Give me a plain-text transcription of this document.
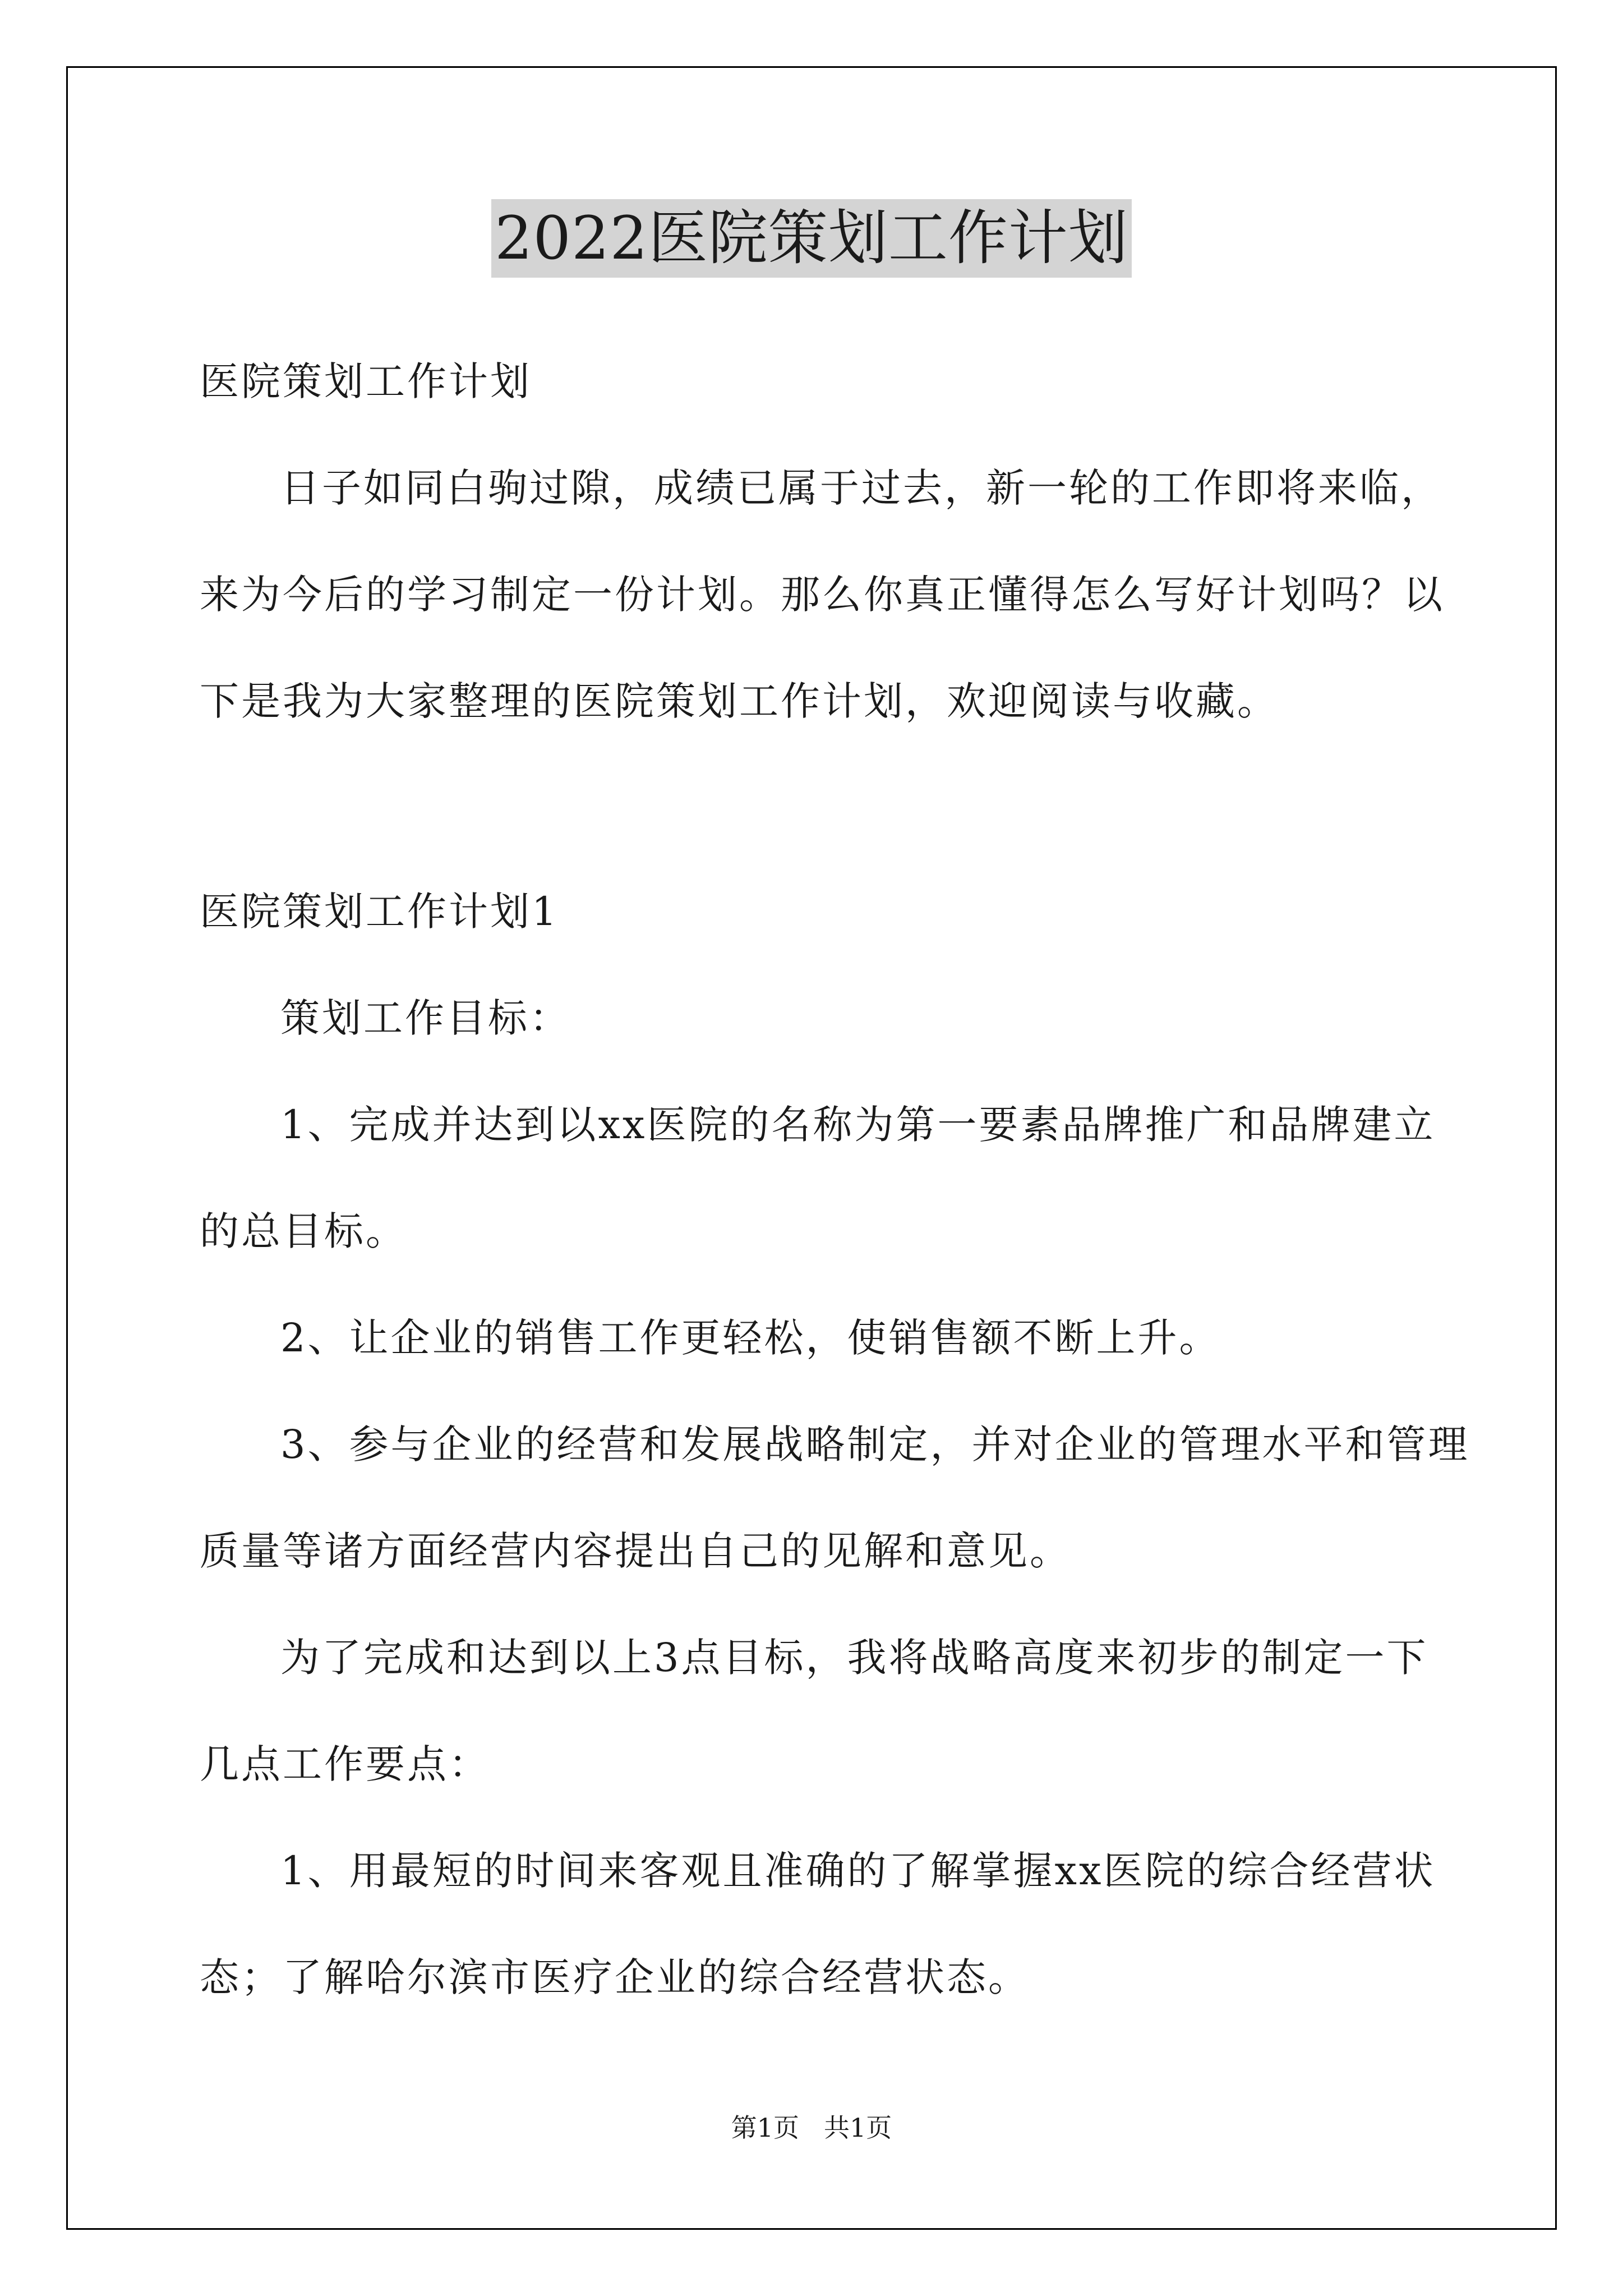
2022医院策划工作计划
医院策划工作计划
日子如同白驹过隙，成绩已属于过去，新一轮的工作即将来临，
来为今后的学习制定一份计划。那么你真正懂得怎么写好计划吗？以
下是我为大家整理的医院策划工作计划，欢迎阅读与收藏。
医院策划工作计划1
策划工作目标：
1、完成并达到以xx医院的名称为第一要素品牌推广和品牌建立
的总目标。
2、让企业的销售工作更轻松，使销售额不断上升。
3、参与企业的经营和发展战略制定，并对企业的管理水平和管理
质量等诸方面经营内容提出自己的见解和意见。
为了完成和达到以上3点目标，我将战略高度来初步的制定一下
几点工作要点：
1、用最短的时间来客观且准确的了解掌握xx医院的综合经营状
态；了解哈尔滨市医疗企业的综合经营状态。
第1页 共1页
